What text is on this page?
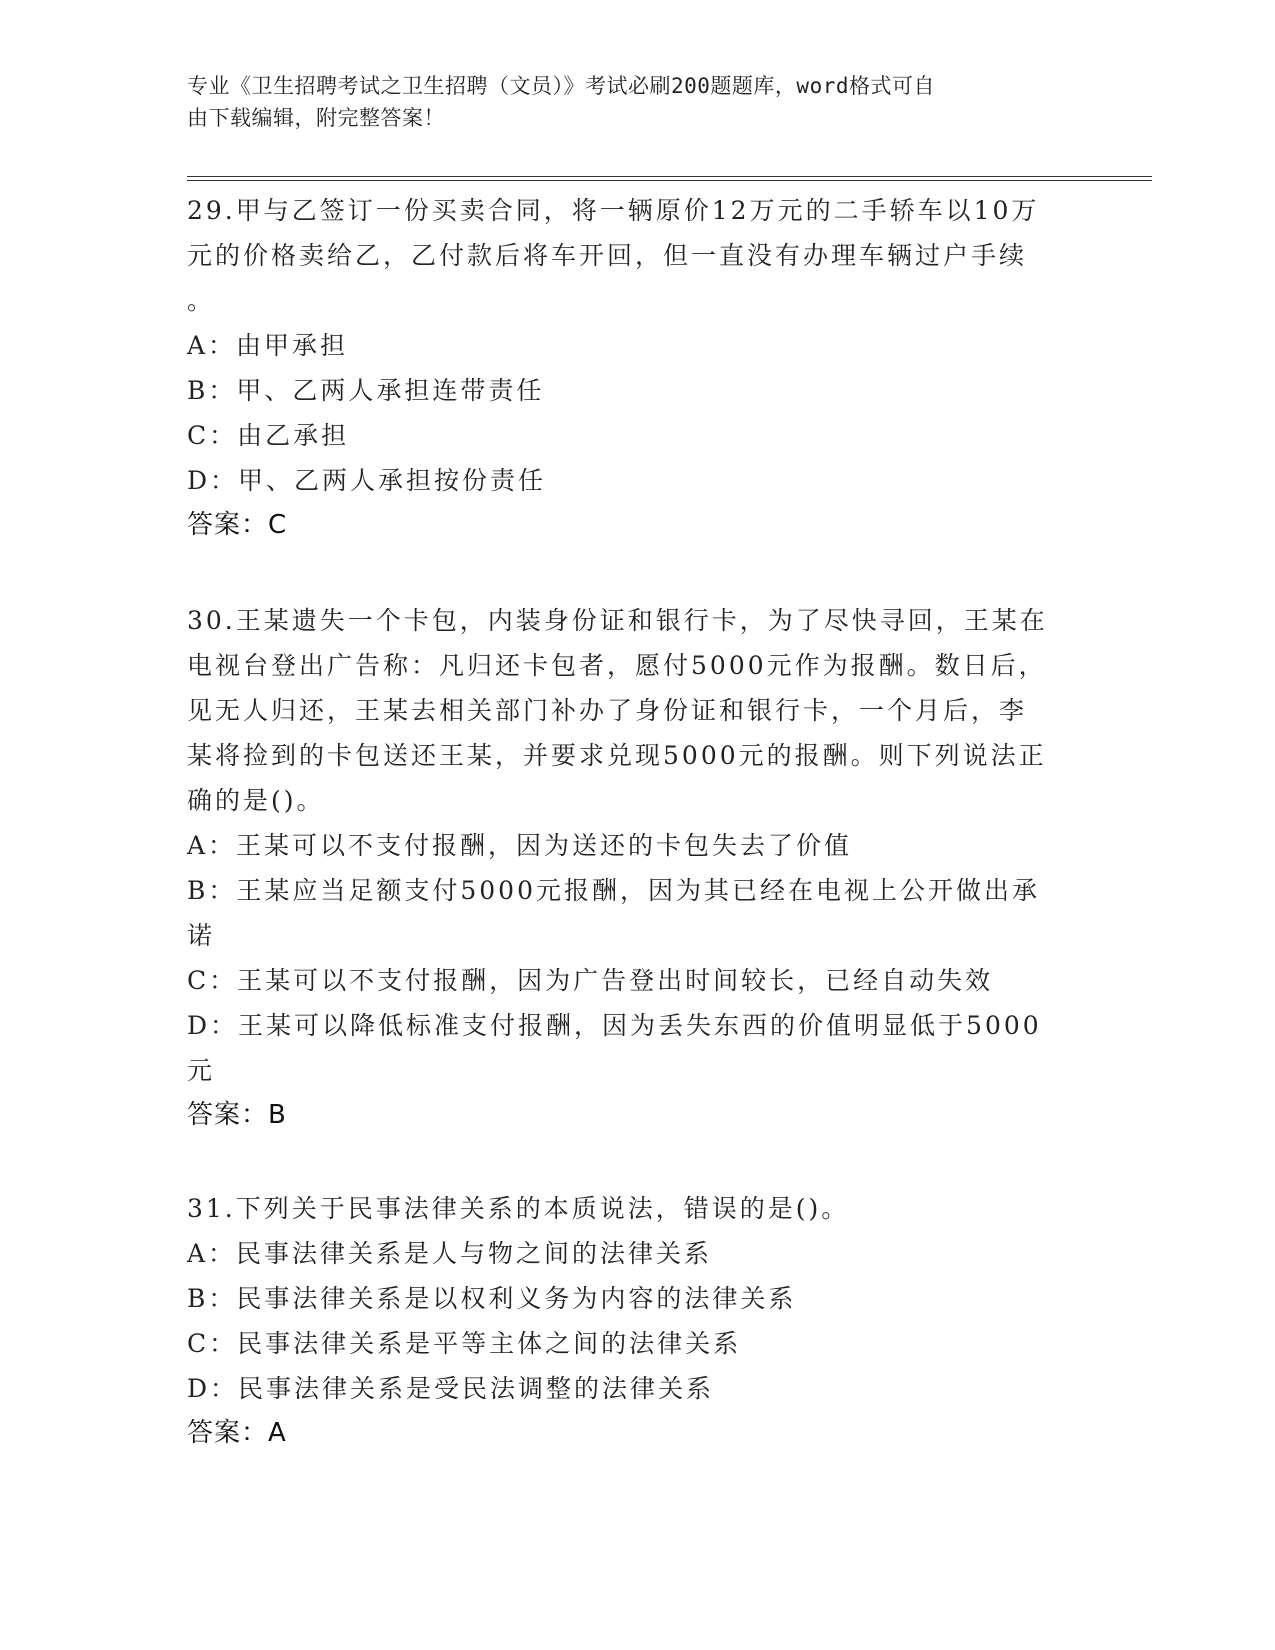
专业《卫生招聘考试之卫生招聘（文员）》考试必刷200题题库，word格式可自
由下载编辑，附完整答案！

29.甲与乙签订一份买卖合同，将一辆原价12万元的二手轿车以10万

元的价格卖给乙，乙付款后将车开回，但一直没有办理车辆过户手续

。

A：由甲承担

B：甲、乙两人承担连带责任

C：由乙承担

D：甲、乙两人承担按份责任

答案：C

30.王某遗失一个卡包，内装身份证和银行卡，为了尽快寻回，王某在

电视台登出广告称：凡归还卡包者，愿付5000元作为报酬。数日后，

见无人归还，王某去相关部门补办了身份证和银行卡，一个月后，李

某将捡到的卡包送还王某，并要求兑现5000元的报酬。则下列说法正

确的是()。

A：王某可以不支付报酬，因为送还的卡包失去了价值

B：王某应当足额支付5000元报酬，因为其已经在电视上公开做出承

诺

C：王某可以不支付报酬，因为广告登出时间较长，已经自动失效

D：王某可以降低标准支付报酬，因为丢失东西的价值明显低于5000

元

答案：B

31.下列关于民事法律关系的本质说法，错误的是()。

A：民事法律关系是人与物之间的法律关系

B：民事法律关系是以权利义务为内容的法律关系

C：民事法律关系是平等主体之间的法律关系

D：民事法律关系是受民法调整的法律关系

答案：A
